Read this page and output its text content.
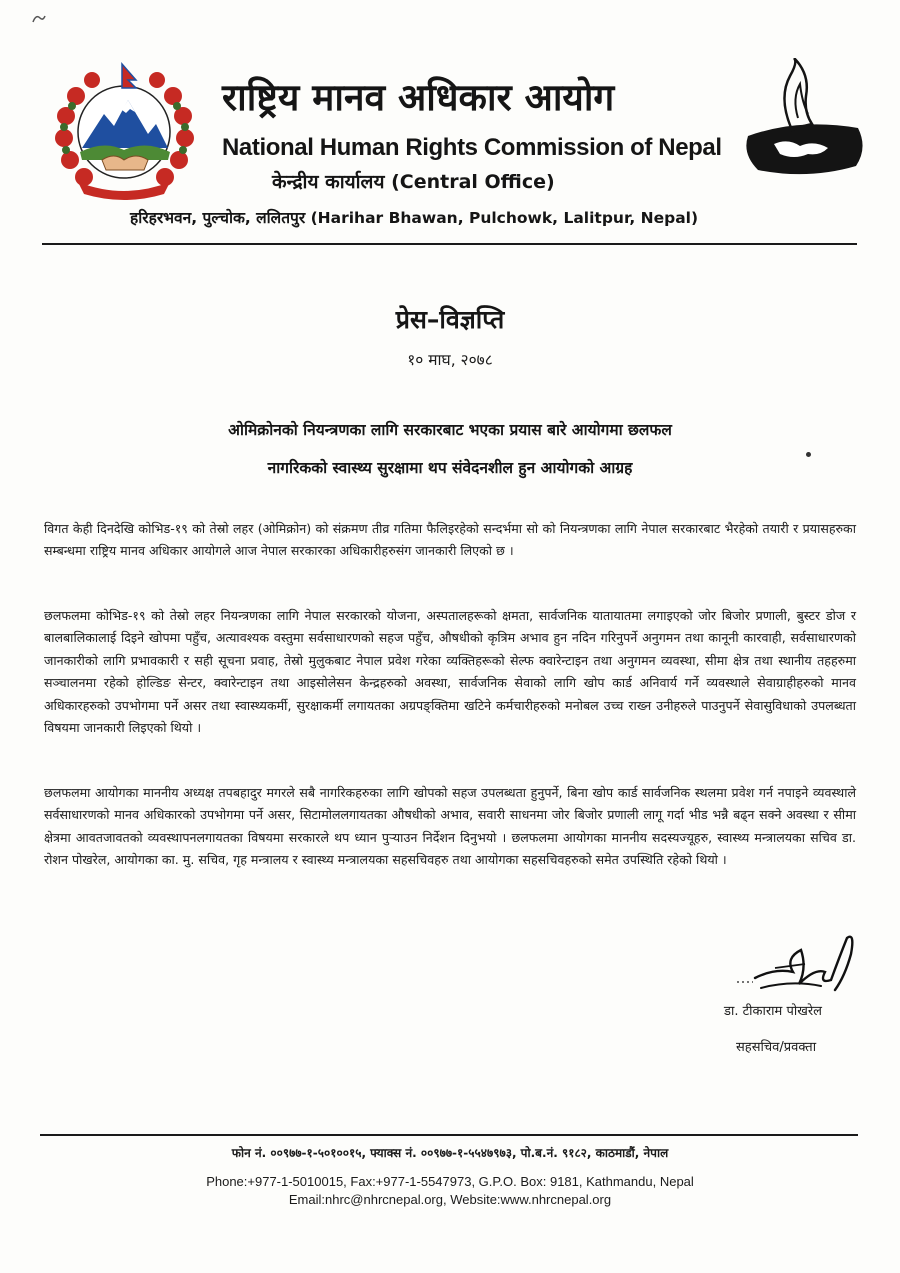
राष्ट्रिय मानव अधिकार आयोग
National Human Rights Commission of Nepal
केन्द्रीय कार्यालय (Central Office)
हरिहरभवन, पुल्चोक, ललितपुर (Harihar Bhawan, Pulchowk, Lalitpur, Nepal)
प्रेस–विज्ञप्ति
१० माघ, २०७८
ओमिक्रोनको नियन्त्रणका लागि सरकारबाट भएका प्रयास बारे आयोगमा छलफल
नागरिकको स्वास्थ्य सुरक्षामा थप संवेदनशील हुन आयोगको आग्रह
विगत केही दिनदेखि कोभिड-१९ को तेस्रो लहर (ओमिक्रोन) को संक्रमण तीव्र गतिमा फैलिइरहेको सन्दर्भमा सो को नियन्त्रणका लागि नेपाल सरकारबाट भैरहेको तयारी र प्रयासहरुका सम्बन्धमा राष्ट्रिय मानव अधिकार आयोगले आज नेपाल सरकारका अधिकारीहरुसंग जानकारी लिएको छ ।
छलफलमा कोभिड-१९ को तेस्रो लहर नियन्त्रणका लागि नेपाल सरकारको योजना, अस्पतालहरूको क्षमता, सार्वजनिक यातायातमा लगाइएको जोर बिजोर प्रणाली, बुस्टर डोज र बालबालिकालाई दिइने खोपमा पहुँच, अत्यावश्यक वस्तुमा सर्वसाधारणको सहज पहुँच, औषधीको कृत्रिम अभाव हुन नदिन गरिनुपर्ने अनुगमन तथा कानूनी कारवाही, सर्वसाधारणको जानकारीको लागि प्रभावकारी र सही सूचना प्रवाह, तेस्रो मुलुकबाट नेपाल प्रवेश गरेका व्यक्तिहरूको सेल्फ क्वारेन्टाइन तथा अनुगमन व्यवस्था, सीमा क्षेत्र तथा स्थानीय तहहरुमा सञ्चालनमा रहेको होल्डिङ सेन्टर, क्वारेन्टाइन तथा आइसोलेसन केन्द्रहरुको अवस्था, सार्वजनिक सेवाको लागि खोप कार्ड अनिवार्य गर्ने व्यवस्थाले सेवाग्राहीहरुको मानव अधिकारहरुको उपभोगमा पर्ने असर तथा स्वास्थ्यकर्मी, सुरक्षाकर्मी लगायतका अग्रपङ्क्तिमा खटिने कर्मचारीहरुको मनोबल उच्च राख्न उनीहरुले पाउनुपर्ने सेवासुविधाको उपलब्धता विषयमा जानकारी लिइएको थियो ।
छलफलमा आयोगका माननीय अध्यक्ष तपबहादुर मगरले सबै नागरिकहरुका लागि खोपको सहज उपलब्धता हुनुपर्ने, बिना खोप कार्ड सार्वजनिक स्थलमा प्रवेश गर्न नपाइने व्यवस्थाले सर्वसाधारणको मानव अधिकारको उपभोगमा पर्ने असर, सिटामोललगायतका औषधीको अभाव, सवारी साधनमा जोर बिजोर प्रणाली लागू गर्दा भीड भन्नै बढ्न सक्ने अवस्था र सीमा क्षेत्रमा आवतजावतको व्यवस्थापनलगायतका विषयमा सरकारले थप ध्यान पुऱ्याउन निर्देशन दिनुभयो । छलफलमा आयोगका माननीय सदस्यज्यूहरु, स्वास्थ्य मन्त्रालयका सचिव डा. रोशन पोखरेल, आयोगका का. मु. सचिव, गृह मन्त्रालय र स्वास्थ्य मन्त्रालयका सहसचिवहरु तथा आयोगका सहसचिवहरुको समेत उपस्थिति रहेको थियो ।
डा. टीकाराम पोखरेल
सहसचिव/प्रवक्ता
फोन नं. ००९७७-१-५०१००१५, फ्याक्स नं. ००९७७-१-५५४७९७३, पो.ब.नं. ९१८२, काठमाडौं, नेपाल
Phone:+977-1-5010015, Fax:+977-1-5547973, G.P.O. Box: 9181, Kathmandu, Nepal
Email:nhrc@nhrcnepal.org, Website:www.nhrcnepal.org
